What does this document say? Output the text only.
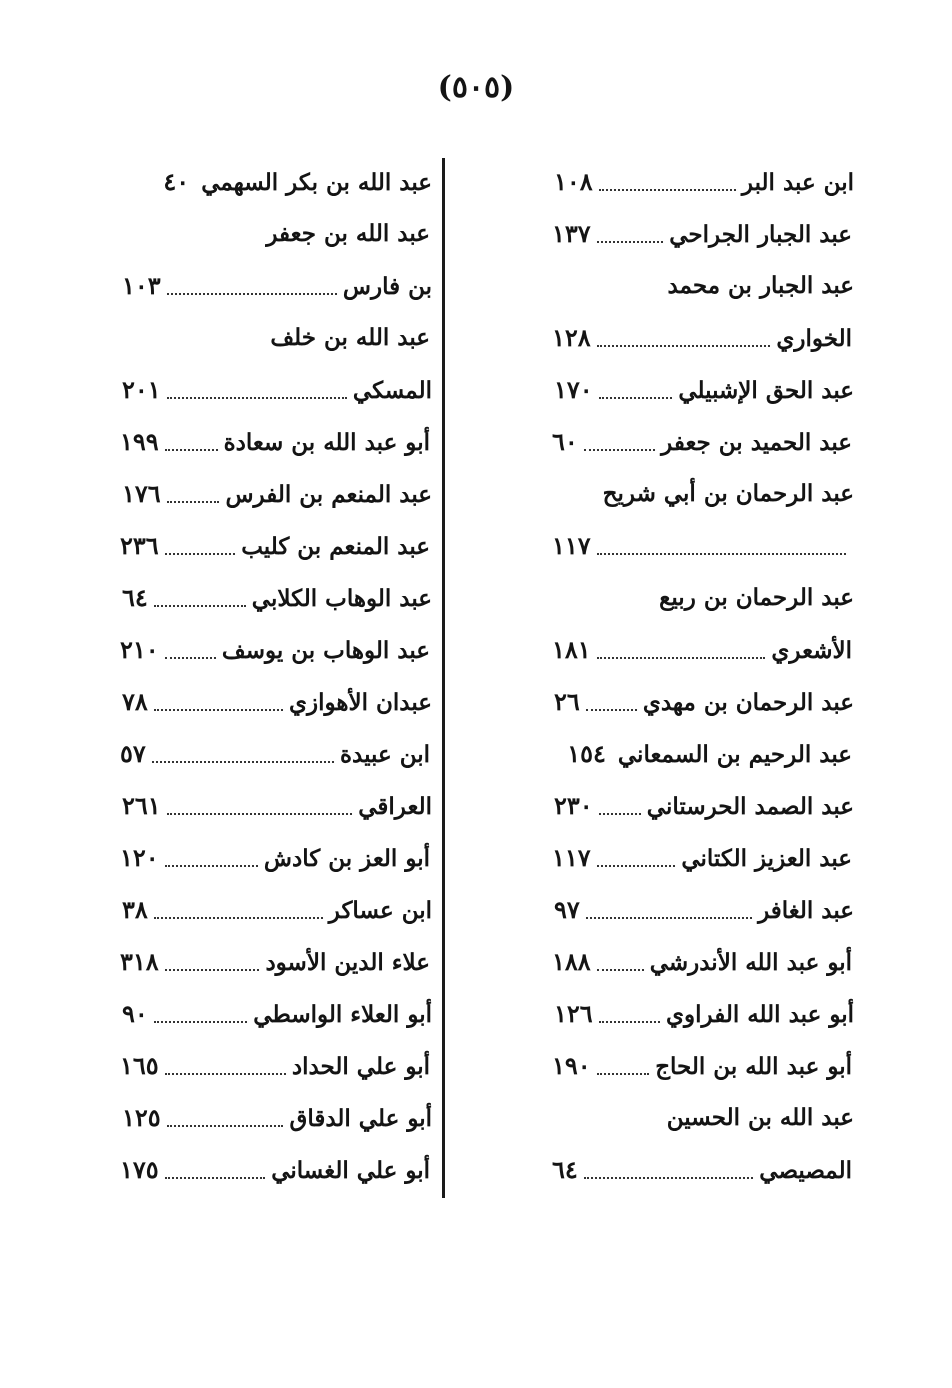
(٥٠٥)
ابن عبد البر
١٠٨
عبد الجبار الجراحي
١٣٧
عبد الجبار بن محمد
الخواري
١٢٨
عبد الحق الإشبيلي
١٧٠
عبد الحميد بن جعفر
٦٠
عبد الرحمان بن أبي شريح
١١٧
عبد الرحمان بن ربيع
الأشعري
١٨١
عبد الرحمان بن مهدي
٢٦
عبد الرحيم بن السمعاني
١٥٤
عبد الصمد الحرستاني
٢٣٠
عبد العزيز الكتاني
١١٧
عبد الغافر
٩٧
أبو عبد الله الأندرشي
١٨٨
أبو عبد الله الفراوي
١٢٦
أبو عبد الله بن الحاج
١٩٠
عبد الله بن الحسين
المصيصي
٦٤
عبد الله بن بكر السهمي
٤٠
عبد الله بن جعفر
بن فارس
١٠٣
عبد الله بن خلف
المسكي
٢٠١
أبو عبد الله بن سعادة
١٩٩
عبد المنعم بن الفرس
١٧٦
عبد المنعم بن كليب
٢٣٦
عبد الوهاب الكلابي
٦٤
عبد الوهاب بن يوسف
٢١٠
عبدان الأهوازي
٧٨
ابن عبيدة
٥٧
العراقي
٢٦١
أبو العز بن كادش
١٢٠
ابن عساكر
٣٨
علاء الدين الأسود
٣١٨
أبو العلاء الواسطي
٩٠
أبو علي الحداد
١٦٥
أبو علي الدقاق
١٢٥
أبو علي الغساني
١٧٥
